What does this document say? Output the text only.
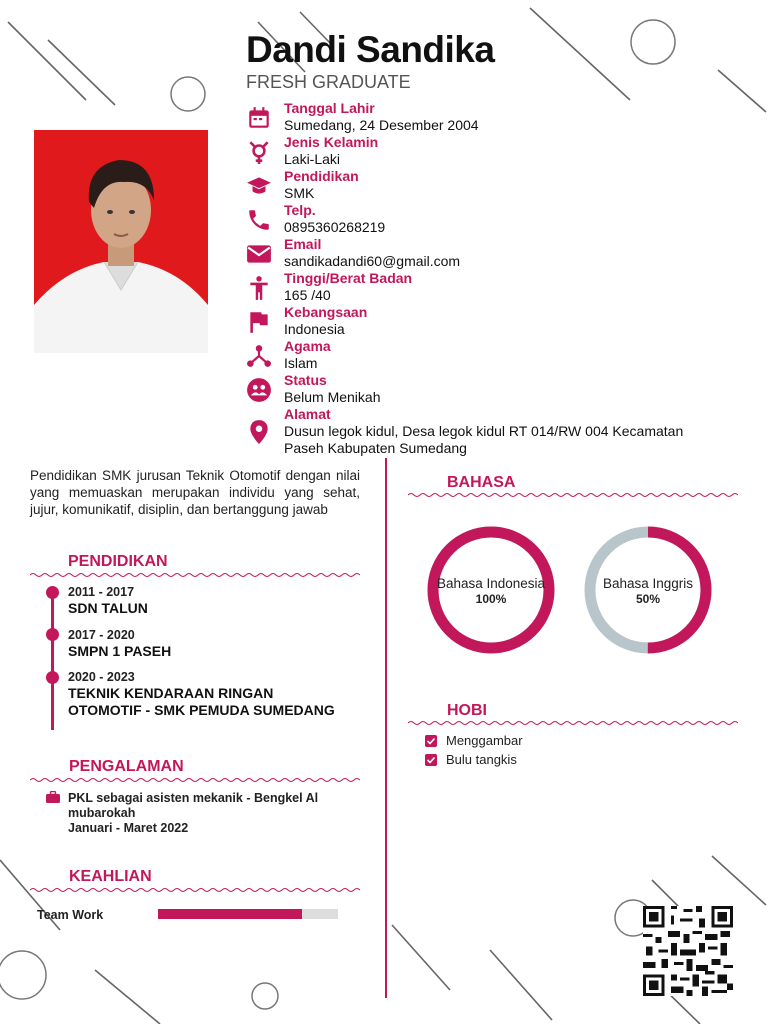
Dandi Sandika
FRESH GRADUATE
Tanggal Lahir
Sumedang, 24 Desember 2004
Jenis Kelamin
Laki-Laki
Pendidikan
SMK
Telp.
0895360268219
Email
sandikadandi60@gmail.com
Tinggi/Berat Badan
165 /40
Kebangsaan
Indonesia
Agama
Islam
Status
Belum Menikah
Alamat
Dusun legok kidul, Desa legok kidul RT 014/RW 004 Kecamatan
Paseh Kabupaten Sumedang
Pendidikan SMK jurusan Teknik Otomotif dengan nilai yang memuaskan merupakan individu yang sehat, jujur, komunikatif, disiplin, dan bertanggung jawab
PENDIDIKAN
2011 - 2017
SDN TALUN
2017 - 2020
SMPN 1 PASEH
2020 - 2023
TEKNIK KENDARAAN RINGAN
OTOMOTIF - SMK PEMUDA SUMEDANG
PENGALAMAN
PKL sebagai asisten mekanik - Bengkel Al
mubarokah
Januari - Maret 2022
KEAHLIAN
Team Work
BAHASA
Bahasa Indonesia
100%
Bahasa Inggris
50%
HOBI
Menggambar
Bulu tangkis
